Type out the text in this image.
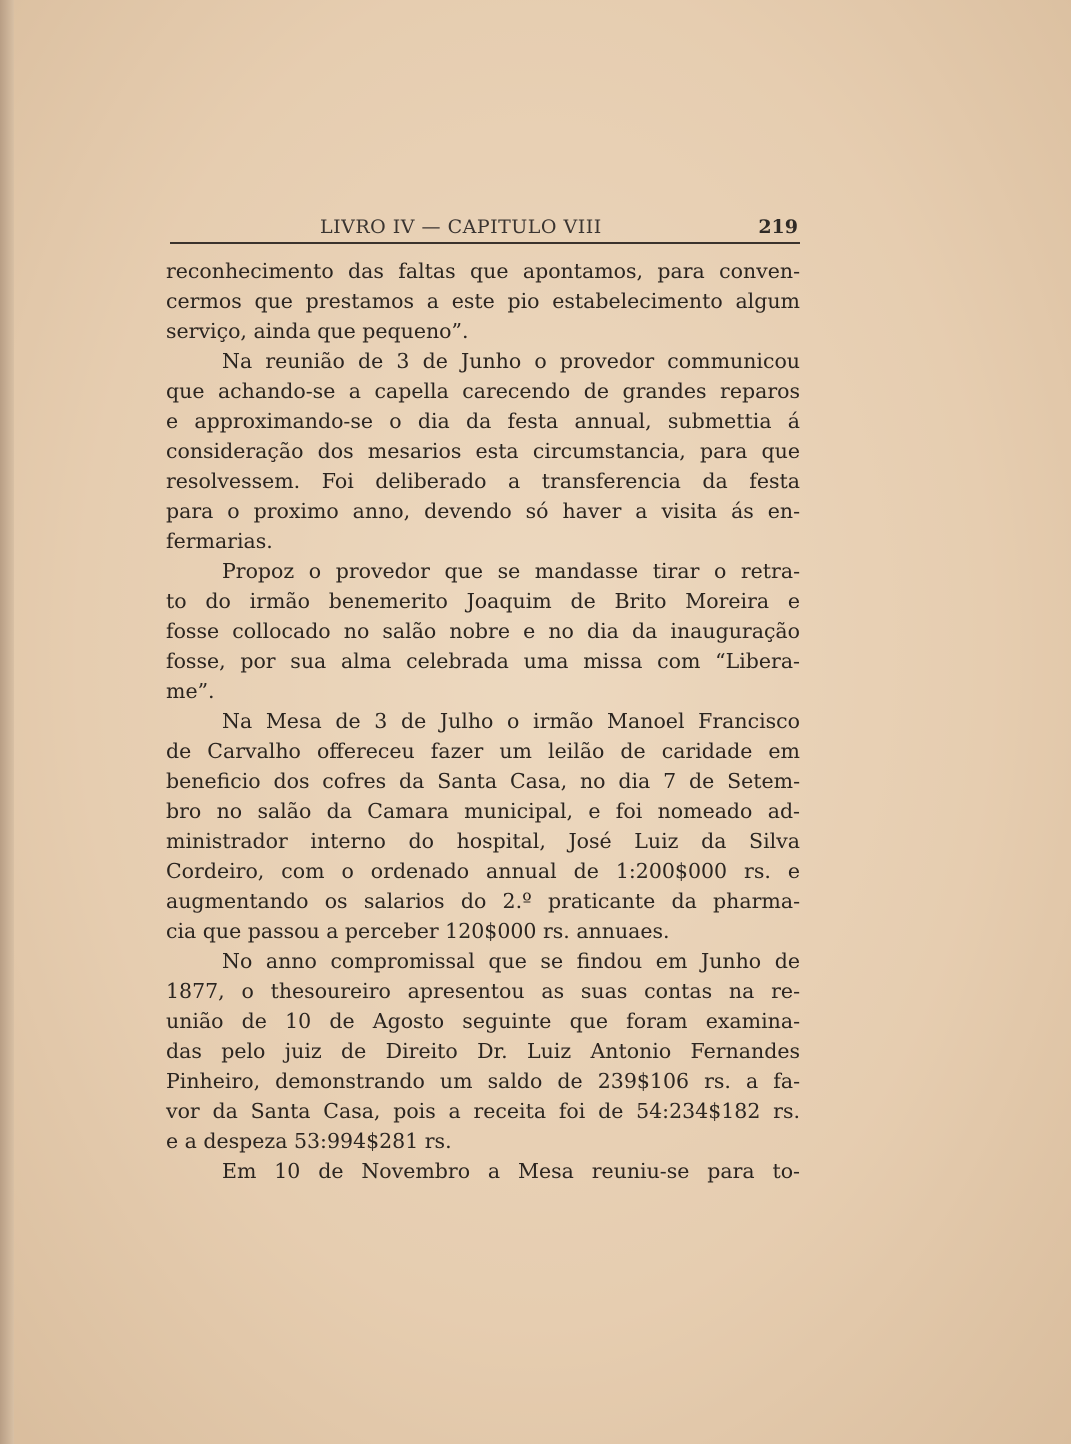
LIVRO IV — CAPITULO VIII	219
reconhecimento das faltas que apontamos, para conven-
cermos que prestamos a este pio estabelecimento algum
serviço, ainda que pequeno”.
Na reunião de 3 de Junho o provedor communicou
que achando-se a capella carecendo de grandes reparos
e approximando-se o dia da festa annual, submettia á
consideração dos mesarios esta circumstancia, para que
resolvessem. Foi deliberado a transferencia da festa
para o proximo anno, devendo só haver a visita ás en-
fermarias.
Propoz o provedor que se mandasse tirar o retra-
to do irmão benemerito Joaquim de Brito Moreira e
fosse collocado no salão nobre e no dia da inauguração
fosse, por sua alma celebrada uma missa com “Libera-
me”.
Na Mesa de 3 de Julho o irmão Manoel Francisco
de Carvalho offereceu fazer um leilão de caridade em
beneficio dos cofres da Santa Casa, no dia 7 de Setem-
bro no salão da Camara municipal, e foi nomeado ad-
ministrador interno do hospital, José Luiz da Silva
Cordeiro, com o ordenado annual de 1:200$000 rs. e
augmentando os salarios do 2.º praticante da pharma-
cia que passou a perceber 120$000 rs. annuaes.
No anno compromissal que se findou em Junho de
1877, o thesoureiro apresentou as suas contas na re-
união de 10 de Agosto seguinte que foram examina-
das pelo juiz de Direito Dr. Luiz Antonio Fernandes
Pinheiro, demonstrando um saldo de 239$106 rs. a fa-
vor da Santa Casa, pois a receita foi de 54:234$182 rs.
e a despeza 53:994$281 rs.
Em 10 de Novembro a Mesa reuniu-se para to-
